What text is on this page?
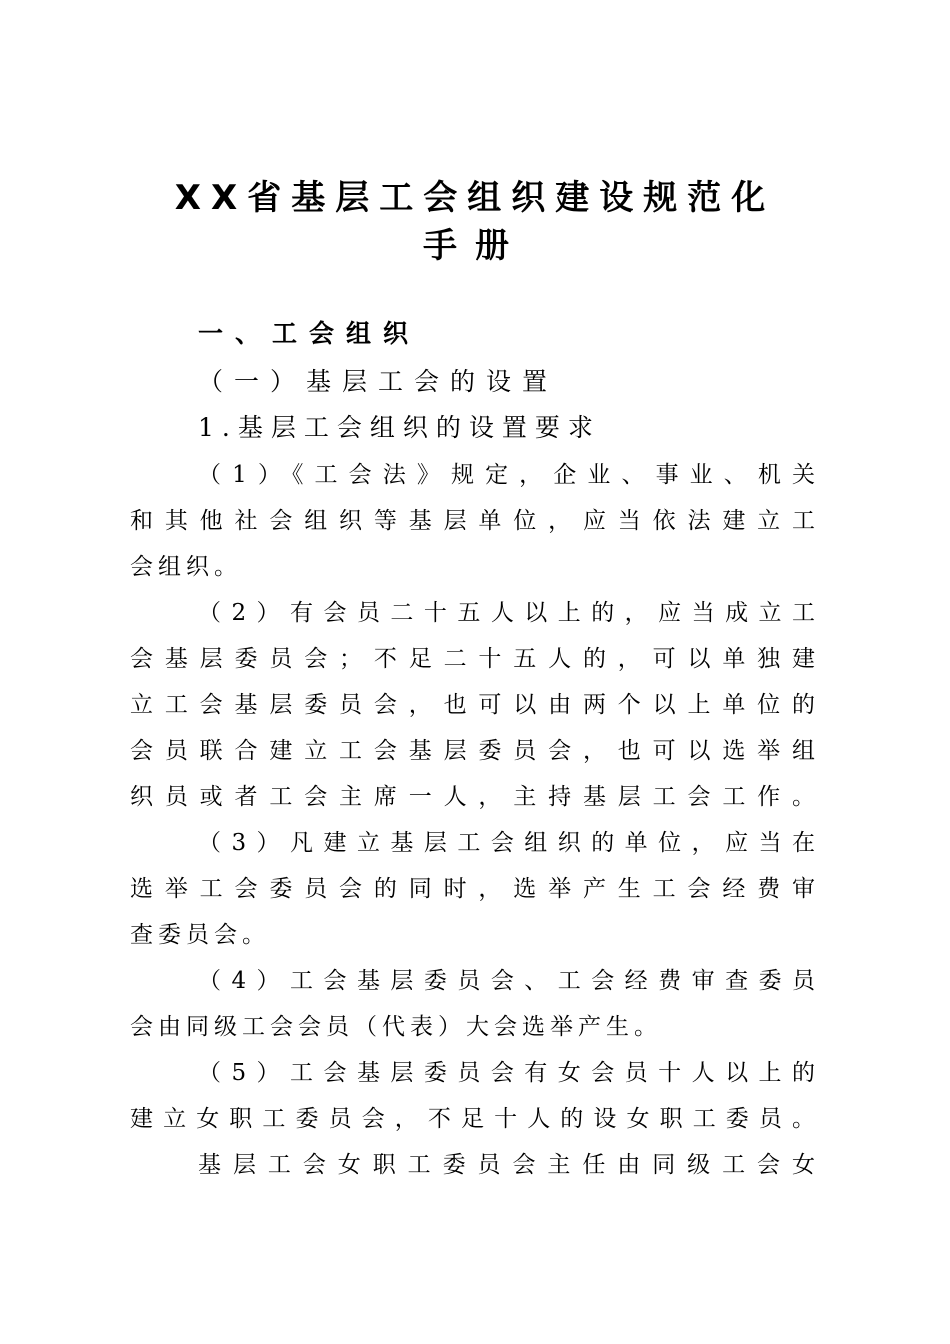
XX省基层工会组织建设规范化
手册
一、工会组织
（一）基层工会的设置
1.基层工会组织的设置要求
（1）《工会法》规定，企业、事业、机关
和其他社会组织等基层单位，应当依法建立工
会组织。
（2）有会员二十五人以上的，应当成立工
会基层委员会；不足二十五人的，可以单独建
立工会基层委员会，也可以由两个以上单位的
会员联合建立工会基层委员会，也可以选举组
织员或者工会主席一人，主持基层工会工作。
（3）凡建立基层工会组织的单位，应当在
选举工会委员会的同时，选举产生工会经费审
查委员会。
（4）工会基层委员会、工会经费审查委员
会由同级工会会员（代表）大会选举产生。
（5）工会基层委员会有女会员十人以上的
建立女职工委员会，不足十人的设女职工委员。
基层工会女职工委员会主任由同级工会女
